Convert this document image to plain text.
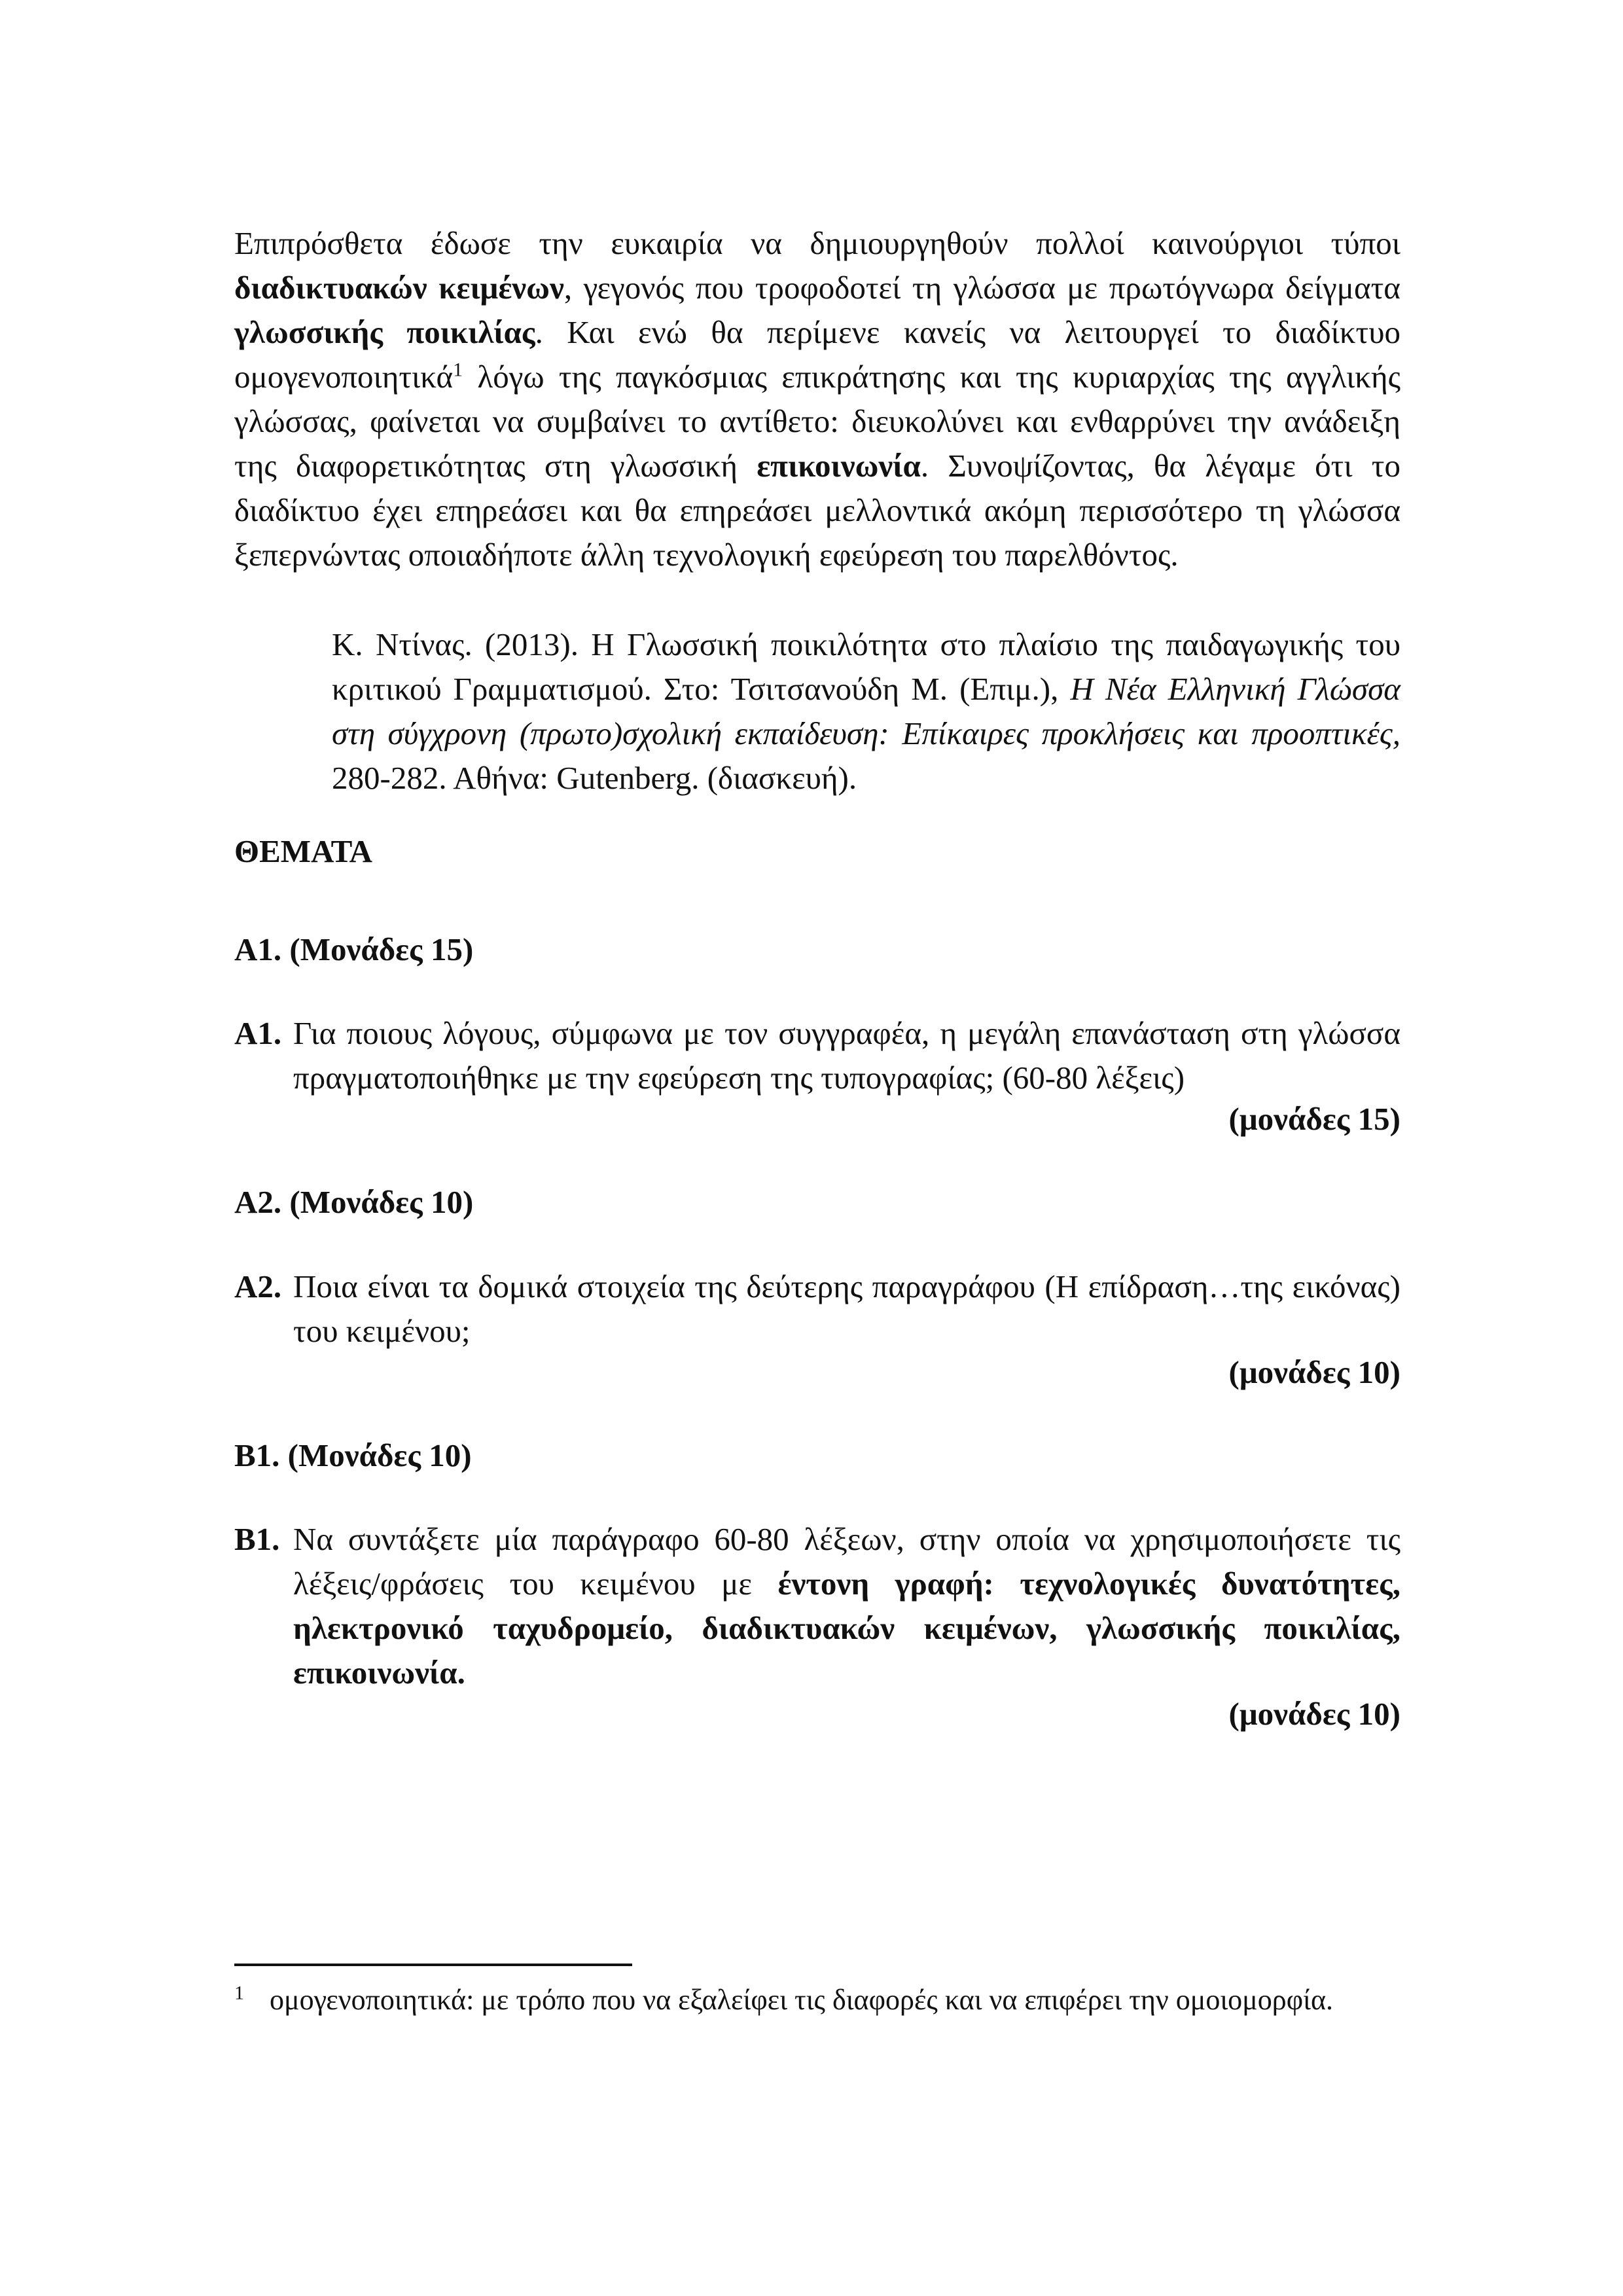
Επιπρόσθετα έδωσε την ευκαιρία να δημιουργηθούν πολλοί καινούργιοι τύποι διαδικτυακών κειμένων, γεγονός που τροφοδοτεί τη γλώσσα με πρωτόγνωρα δείγματα γλωσσικής ποικιλίας. Και ενώ θα περίμενε κανείς να λειτουργεί το διαδίκτυο ομογενοποιητικά$^1$ λόγω της παγκόσμιας επικράτησης και της κυριαρχίας της αγγλικής γλώσσας, φαίνεται να συμβαίνει το αντίθετο: διευκολύνει και ενθαρρύνει την ανάδειξη της διαφορετικότητας στη γλωσσική επικοινωνία. Συνοψίζοντας, θα λέγαμε ότι το διαδίκτυο έχει επηρεάσει και θα επηρεάσει μελλοντικά ακόμη περισσότερο τη γλώσσα ξεπερνώντας οποιαδήποτε άλλη τεχνολογική εφεύρεση του παρελθόντος.
Κ. Ντίνας. (2013). Η Γλωσσική ποικιλότητα στο πλαίσιο της παιδαγωγικής του κριτικού Γραμματισμού. Στο: Τσιτσανούδη Μ. (Επιμ.), Η Νέα Ελληνική Γλώσσα στη σύγχρονη (πρωτο)σχολική εκπαίδευση: Επίκαιρες προκλήσεις και προοπτικές, 280-282. Αθήνα: Gutenberg. (διασκευή).
ΘΕΜΑΤΑ
Α1. (Μονάδες 15)
Α1. Για ποιους λόγους, σύμφωνα με τον συγγραφέα, η μεγάλη επανάσταση στη γλώσσα πραγματοποιήθηκε με την εφεύρεση της τυπογραφίας; (60-80 λέξεις)
(μονάδες 15)
Α2. (Μονάδες 10)
Α2. Ποια είναι τα δομικά στοιχεία της δεύτερης παραγράφου (Η επίδραση…της εικόνας) του κειμένου;
(μονάδες 10)
Β1. (Μονάδες 10)
Β1. Να συντάξετε μία παράγραφο 60-80 λέξεων, στην οποία να χρησιμοποιήσετε τις λέξεις/φράσεις του κειμένου με έντονη γραφή: τεχνολογικές δυνατότητες, ηλεκτρονικό ταχυδρομείο, διαδικτυακών κειμένων, γλωσσικής ποικιλίας, επικοινωνία.
(μονάδες 10)
$^1$ ομογενοποιητικά: με τρόπο που να εξαλείφει τις διαφορές και να επιφέρει την ομοιομορφία.
